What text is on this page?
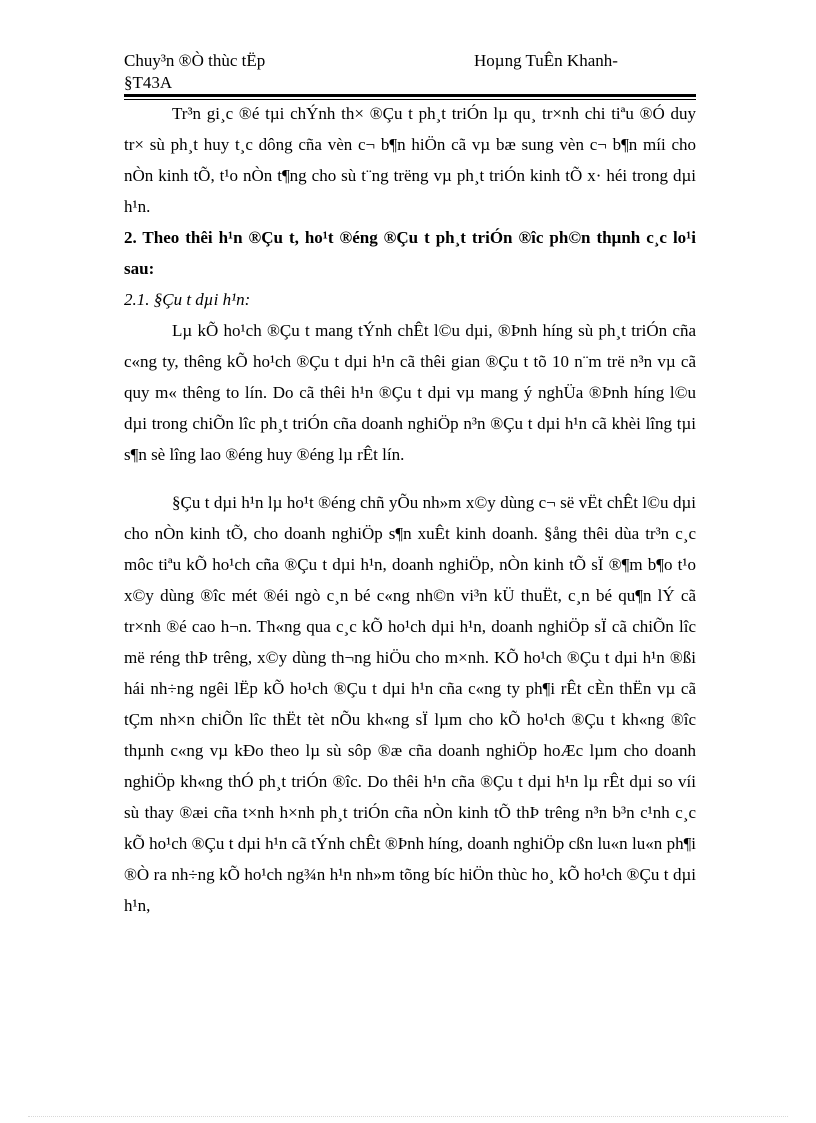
Chuy³n ®Ò thùc tËp
§T43A
Hoµng TuÊn Khanh-

Tr³n gi¸c ®é tµi chÝnh th× ®Çu t ph¸t triÓn lµ qu¸ tr×nh chi tiªu ®Ó duy tr× sù ph¸t huy t¸c dông cña vèn c¬ b¶n hiÖn cã vµ bæ sung vèn c¬ b¶n míi cho nÒn kinh tÕ, t¹o nÒn t¶ng cho sù t¨ng trëng vµ ph¸t triÓn kinh tÕ x· héi trong dµi h¹n.

2. Theo thêi h¹n ®Çu t, ho¹t ®éng ®Çu t ph¸t triÓn ®îc ph©n thµnh c¸c lo¹i sau:

2.1. §Çu t dµi h¹n:

Lµ kÕ ho¹ch ®Çu t mang tÝnh chÊt l©u dµi, ®Þnh híng sù ph¸t triÓn cña c«ng ty, thêng kÕ ho¹ch ®Çu t dµi h¹n cã thêi gian ®Çu t tõ 10 n¨m trë n³n vµ cã quy m« thêng to lín. Do cã thêi h¹n ®Çu t dµi vµ mang ý nghÜa ®Þnh híng l©u dµi trong chiÕn lîc ph¸t triÓn cña doanh nghiÖp n³n ®Çu t dµi h¹n cã khèi lîng tµi s¶n sè lîng lao ®éng huy ®éng lµ rÊt lín.

§Çu t dµi h¹n lµ ho¹t ®éng chñ yÕu nh»m x©y dùng c¬ së vËt chÊt l©u dµi cho nÒn kinh tÕ, cho doanh nghiÖp s¶n xuÊt kinh doanh. §ång thêi dùa tr³n c¸c môc tiªu kÕ ho¹ch cña ®Çu t dµi h¹n, doanh nghiÖp, nÒn kinh tÕ sÏ ®¶m b¶o t¹o x©y dùng ®îc mét ®éi ngò c¸n bé c«ng nh©n vi³n kÜ thuËt, c¸n bé qu¶n lÝ cã tr×nh ®é cao h¬n. Th«ng qua c¸c kÕ ho¹ch dµi h¹n, doanh nghiÖp sÏ cã chiÕn lîc më réng thÞ trêng, x©y dùng th¬ng hiÖu cho m×nh. KÕ ho¹ch ®Çu t dµi h¹n ®ßi hái nh÷ng ngêi lËp kÕ ho¹ch ®Çu t dµi h¹n cña c«ng ty ph¶i rÊt cÈn thËn vµ cã tÇm nh×n chiÕn lîc thËt tèt nÕu kh«ng sÏ lµm cho kÕ ho¹ch ®Çu t kh«ng ®îc thµnh c«ng vµ kÐo theo lµ sù sôp ®æ cña doanh nghiÖp hoÆc lµm cho doanh nghiÖp kh«ng thÓ ph¸t triÓn ®îc. Do thêi h¹n cña ®Çu t dµi h¹n lµ rÊt dµi so víi sù thay ®æi cña t×nh h×nh ph¸t triÓn cña nÒn kinh tÕ thÞ trêng n³n b³n c¹nh c¸c kÕ ho¹ch ®Çu t dµi h¹n cã tÝnh chÊt ®Þnh híng, doanh nghiÖp cßn lu«n lu«n ph¶i ®Ò ra nh÷ng kÕ ho¹ch ng¾n h¹n nh»m tõng bíc hiÖn thùc ho¸ kÕ ho¹ch ®Çu t dµi h¹n,
